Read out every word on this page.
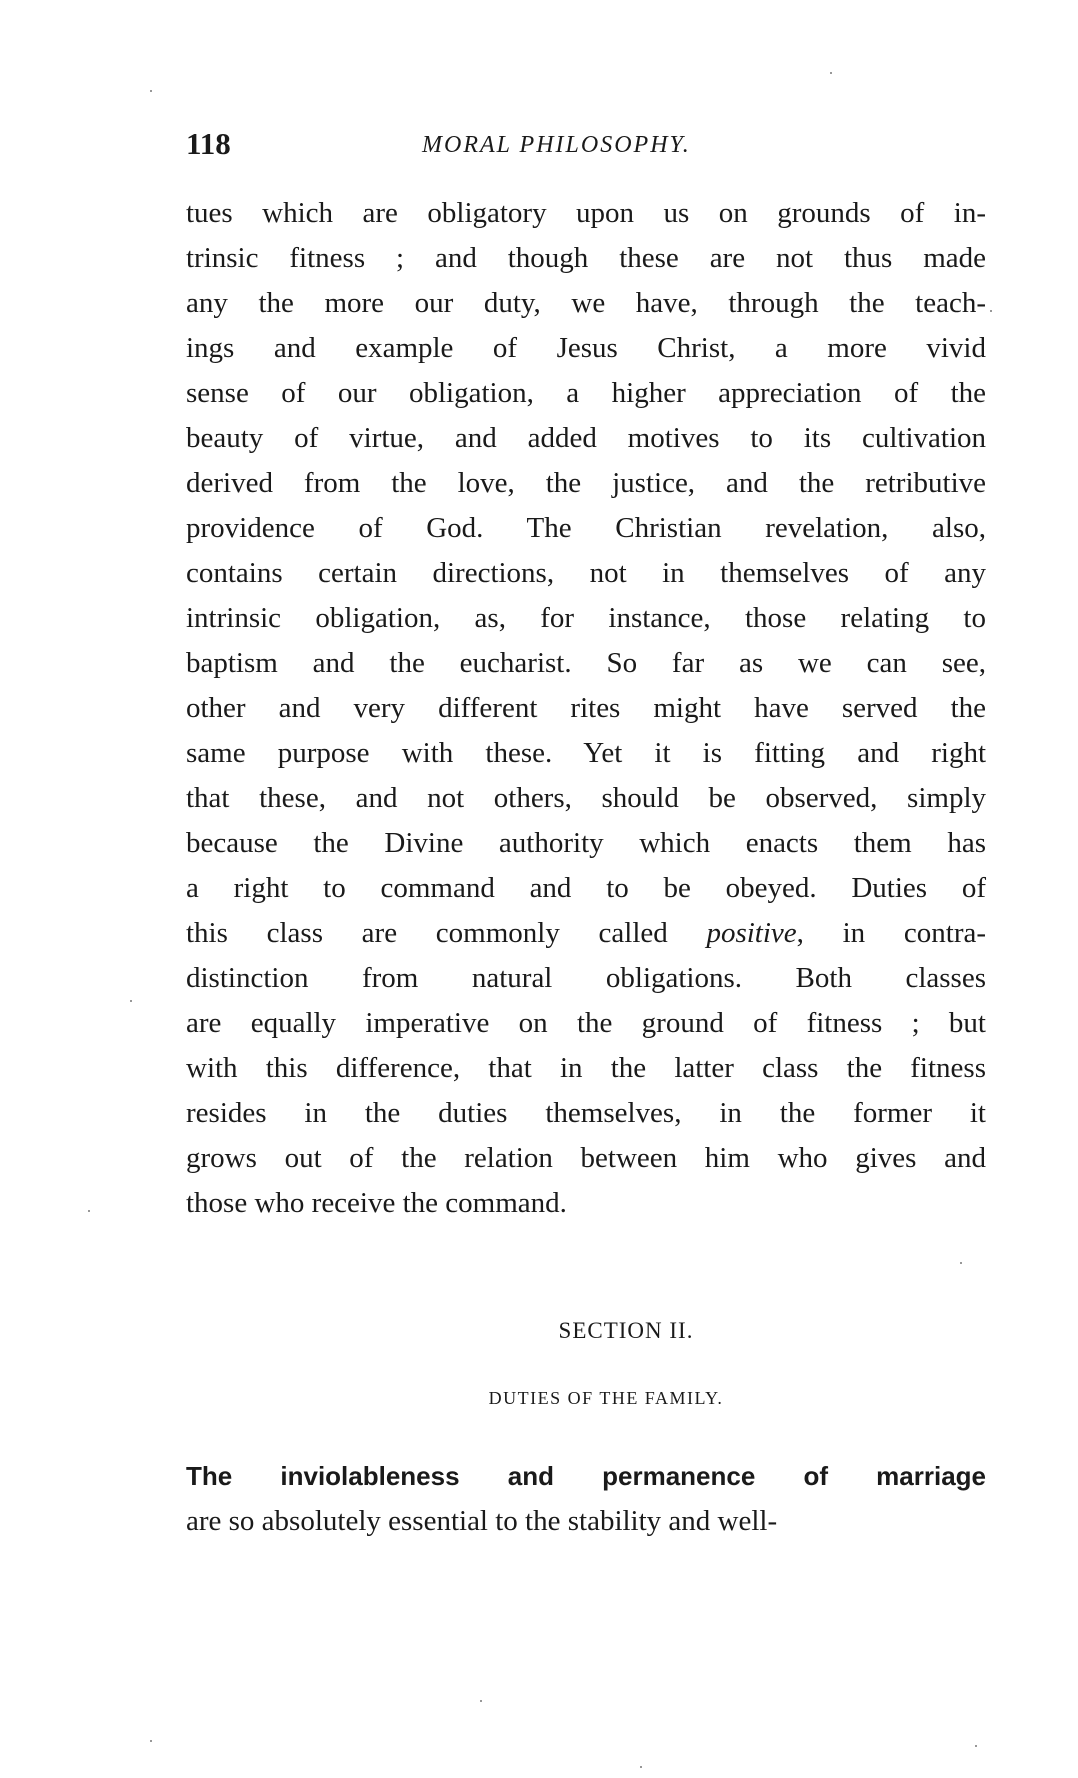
118	MORAL PHILOSOPHY.
tues which are obligatory upon us on grounds of in-
trinsic fitness ; and though these are not thus made
any the more our duty, we have, through the teach-
ings and example of Jesus Christ, a more vivid
sense of our obligation, a higher appreciation of the
beauty of virtue, and added motives to its cultivation
derived from the love, the justice, and the retributive
providence of God. The Christian revelation, also,
contains certain directions, not in themselves of any
intrinsic obligation, as, for instance, those relating to
baptism and the eucharist. So far as we can see,
other and very different rites might have served the
same purpose with these. Yet it is fitting and right
that these, and not others, should be observed, simply
because the Divine authority which enacts them has
a right to command and to be obeyed. Duties of
this class are commonly called positive, in contra-
distinction from natural obligations. Both classes
are equally imperative on the ground of fitness ; but
with this difference, that in the latter class the fitness
resides in the duties themselves, in the former it
grows out of the relation between him who gives and
those who receive the command.
SECTION II.
DUTIES OF THE FAMILY.
The inviolableness and permanence of marriage
are so absolutely essential to the stability and well-
